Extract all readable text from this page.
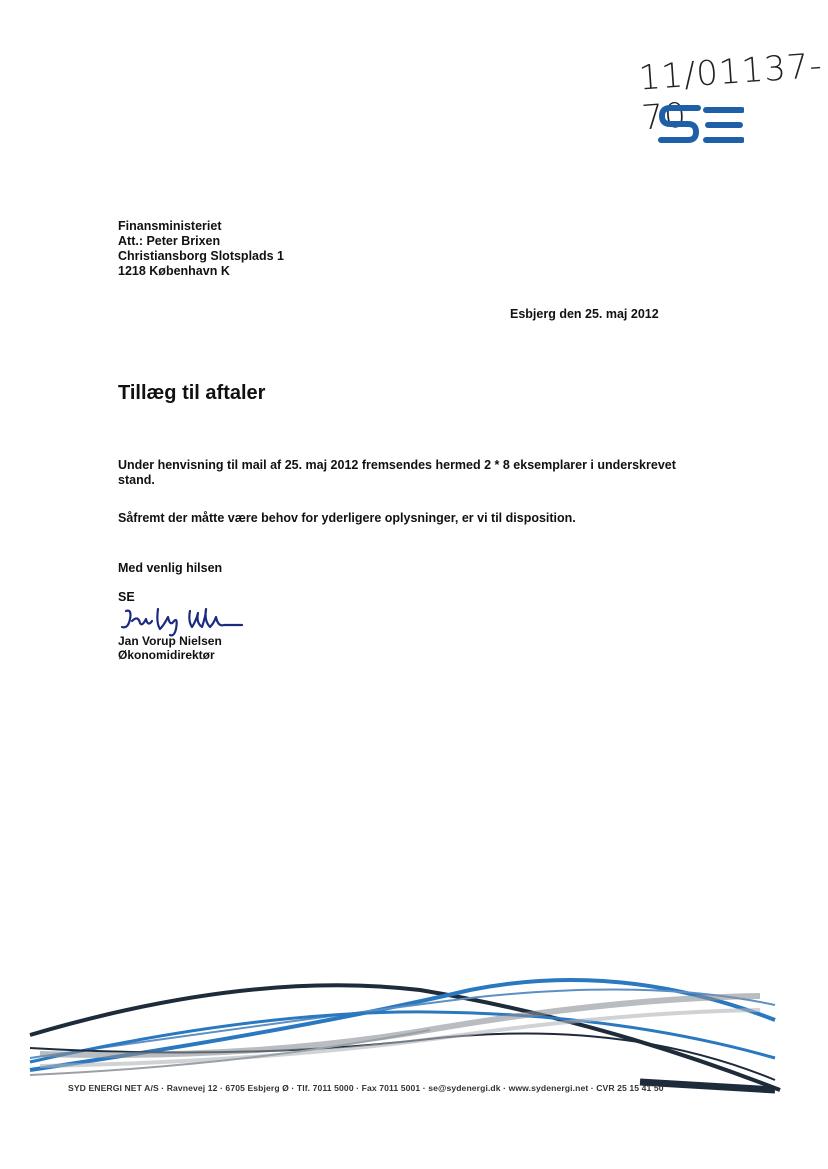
11/01137-70
Finansministeriet
Att.: Peter Brixen
Christiansborg Slotsplads 1
1218 København K
Esbjerg den 25. maj 2012
Tillæg til aftaler
Under henvisning til mail af 25. maj 2012 fremsendes hermed 2 * 8 eksemplarer i underskrevet stand.
Såfremt der måtte være behov for yderligere oplysninger, er vi til disposition.
Med venlig hilsen
SE
Jan Vorup Nielsen
Økonomidirektør
SYD ENERGI NET A/S · Ravnevej 12 · 6705 Esbjerg Ø · Tlf. 7011 5000 · Fax 7011 5001 · se@sydenergi.dk · www.sydenergi.net · CVR 25 15 41 50
